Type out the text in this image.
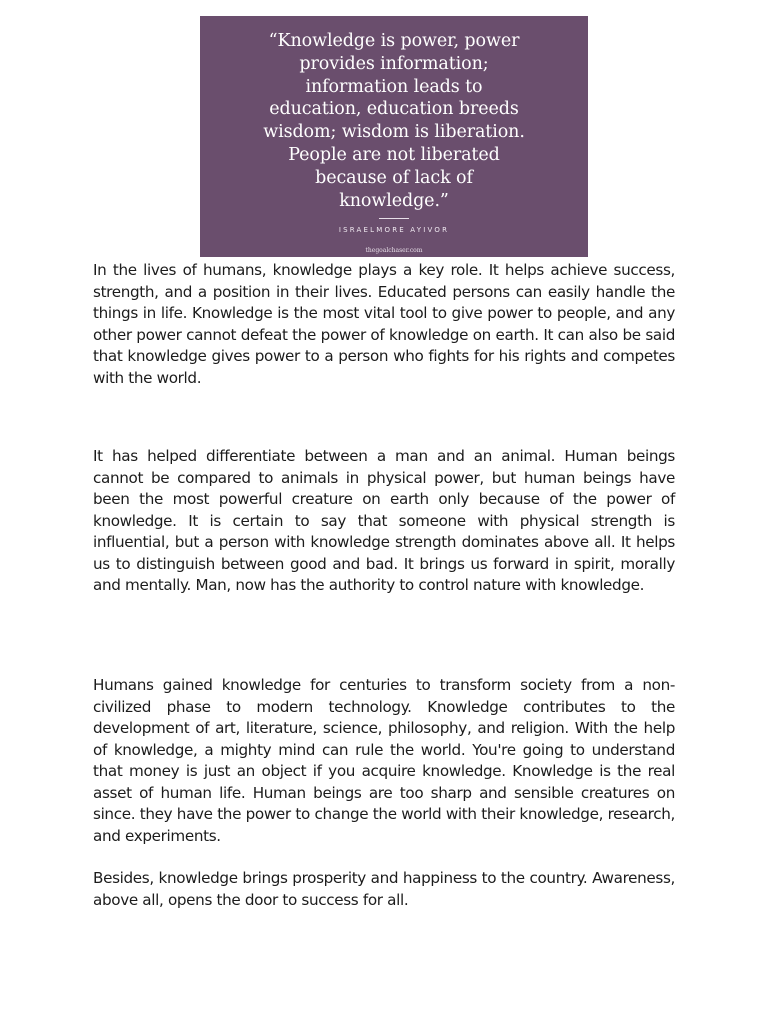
“Knowledge is power, power
provides information;
information leads to
education, education breeds
wisdom; wisdom is liberation.
People are not liberated
because of lack of
knowledge.”
ISRAELMORE AYIVOR
thegoalchaser.com

In the lives of humans, knowledge plays a key role. It helps achieve success, strength, and a position in their lives. Educated persons can easily handle the things in life. Knowledge is the most vital tool to give power to people, and any other power cannot defeat the power of knowledge on earth. It can also be said that knowledge gives power to a person who fights for his rights and competes with the world.

It has helped differentiate between a man and an animal. Human beings cannot be compared to animals in physical power, but human beings have been the most powerful creature on earth only because of the power of knowledge. It is certain to say that someone with physical strength is influential, but a person with knowledge strength dominates above all. It helps us to distinguish between good and bad. It brings us forward in spirit, morally and mentally. Man, now has the authority to control nature with knowledge.

Humans gained knowledge for centuries to transform society from a non-civilized phase to modern technology. Knowledge contributes to the development of art, literature, science, philosophy, and religion. With the help of knowledge, a mighty mind can rule the world. You're going to understand that money is just an object if you acquire knowledge. Knowledge is the real asset of human life. Human beings are too sharp and sensible creatures on since. they have the power to change the world with their knowledge, research, and experiments.

Besides, knowledge brings prosperity and happiness to the country. Awareness, above all, opens the door to success for all.
